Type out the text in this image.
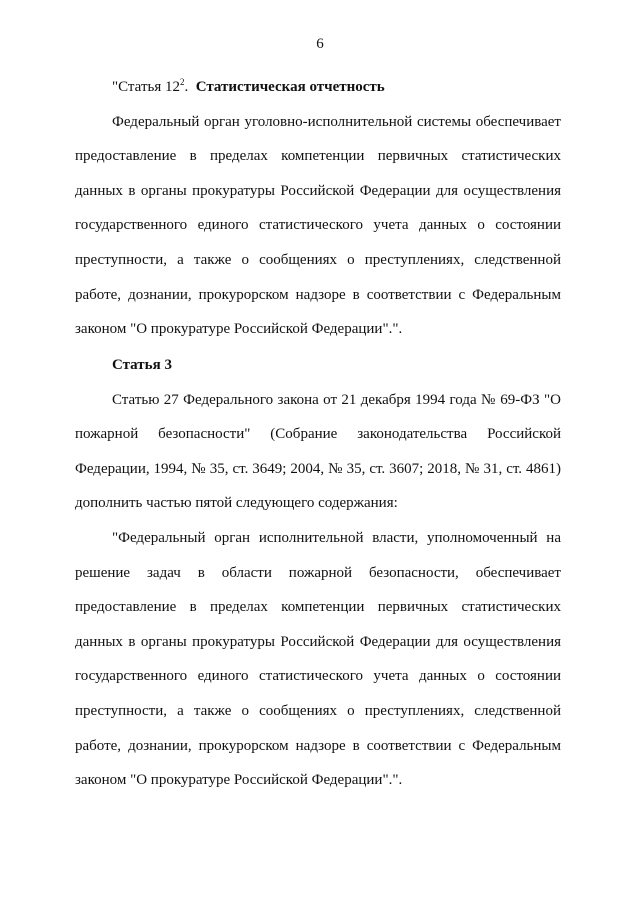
6

"Статья $12^2$. Статистическая отчетность

Федеральный орган уголовно-исполнительной системы обеспечивает предоставление в пределах компетенции первичных статистических данных в органы прокуратуры Российской Федерации для осуществления государственного единого статистического учета данных о состоянии преступности, а также о сообщениях о преступлениях, следственной работе, дознании, прокурорском надзоре в соответствии с Федеральным законом "О прокуратуре Российской Федерации".".

Статья 3

Статью 27 Федерального закона от 21 декабря 1994 года № 69-ФЗ "О пожарной безопасности" (Собрание законодательства Российской Федерации, 1994, № 35, ст. 3649; 2004, № 35, ст. 3607; 2018, № 31, ст. 4861) дополнить частью пятой следующего содержания:

"Федеральный орган исполнительной власти, уполномоченный на решение задач в области пожарной безопасности, обеспечивает предоставление в пределах компетенции первичных статистических данных в органы прокуратуры Российской Федерации для осуществления государственного единого статистического учета данных о состоянии преступности, а также о сообщениях о преступлениях, следственной работе, дознании, прокурорском надзоре в соответствии с Федеральным законом "О прокуратуре Российской Федерации".".
